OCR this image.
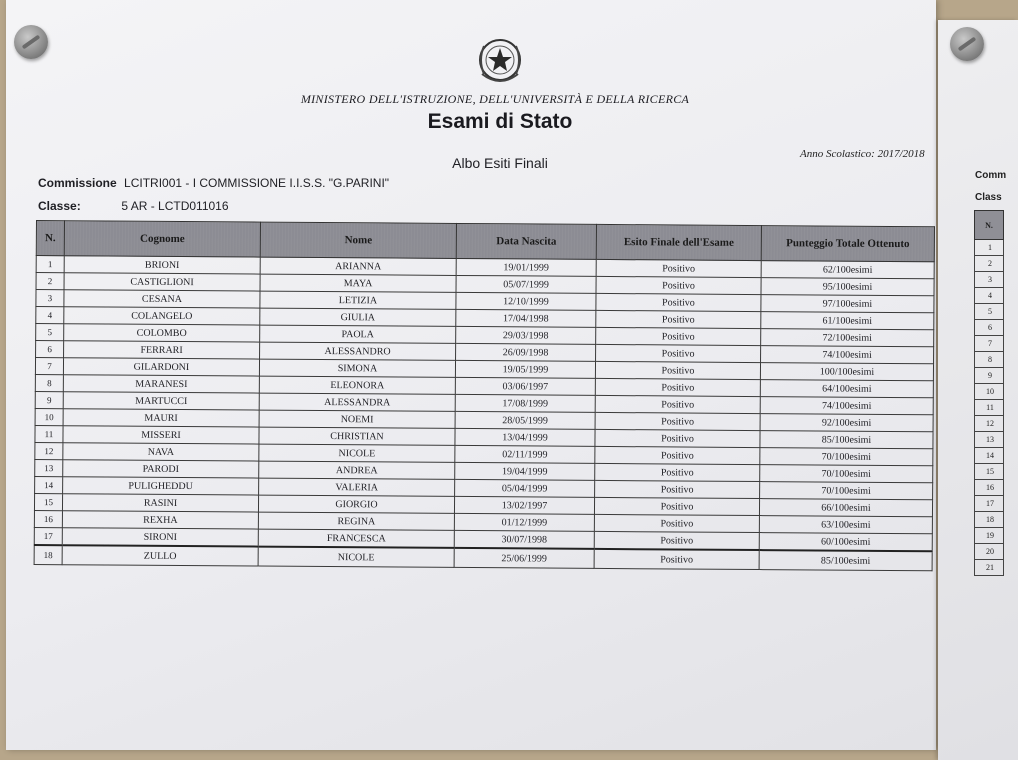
MINISTERO DELL'ISTRUZIONE, DELL'UNIVERSITÀ E DELLA RICERCA
Esami di Stato
Anno Scolastico: 2017/2018
Albo Esiti Finali
Commissione LCITRI001 - I COMMISSIONE I.I.S.S. "G.PARINI"
Classe:	5 AR - LCTD011016
N.	Cognome	Nome	Data Nascita	Esito Finale dell'Esame	Punteggio Totale Ottenuto
1	BRIONI	ARIANNA	19/01/1999	Positivo	62/100esimi
2	CASTIGLIONI	MAYA	05/07/1999	Positivo	95/100esimi
3	CESANA	LETIZIA	12/10/1999	Positivo	97/100esimi
4	COLANGELO	GIULIA	17/04/1998	Positivo	61/100esimi
5	COLOMBO	PAOLA	29/03/1998	Positivo	72/100esimi
6	FERRARI	ALESSANDRO	26/09/1998	Positivo	74/100esimi
7	GILARDONI	SIMONA	19/05/1999	Positivo	100/100esimi
8	MARANESI	ELEONORA	03/06/1997	Positivo	64/100esimi
9	MARTUCCI	ALESSANDRA	17/08/1999	Positivo	74/100esimi
10	MAURI	NOEMI	28/05/1999	Positivo	92/100esimi
11	MISSERI	CHRISTIAN	13/04/1999	Positivo	85/100esimi
12	NAVA	NICOLE	02/11/1999	Positivo	70/100esimi
13	PARODI	ANDREA	19/04/1999	Positivo	70/100esimi
14	PULIGHEDDU	VALERIA	05/04/1999	Positivo	70/100esimi
15	RASINI	GIORGIO	13/02/1997	Positivo	66/100esimi
16	REXHA	REGINA	01/12/1999	Positivo	63/100esimi
17	SIRONI	FRANCESCA	30/07/1998	Positivo	60/100esimi
18	ZULLO	NICOLE	25/06/1999	Positivo	85/100esimi
Comm
Class
N.
1
2
3
4
5
6
7
8
9
10
11
12
13
14
15
16
17
18
19
20
21
